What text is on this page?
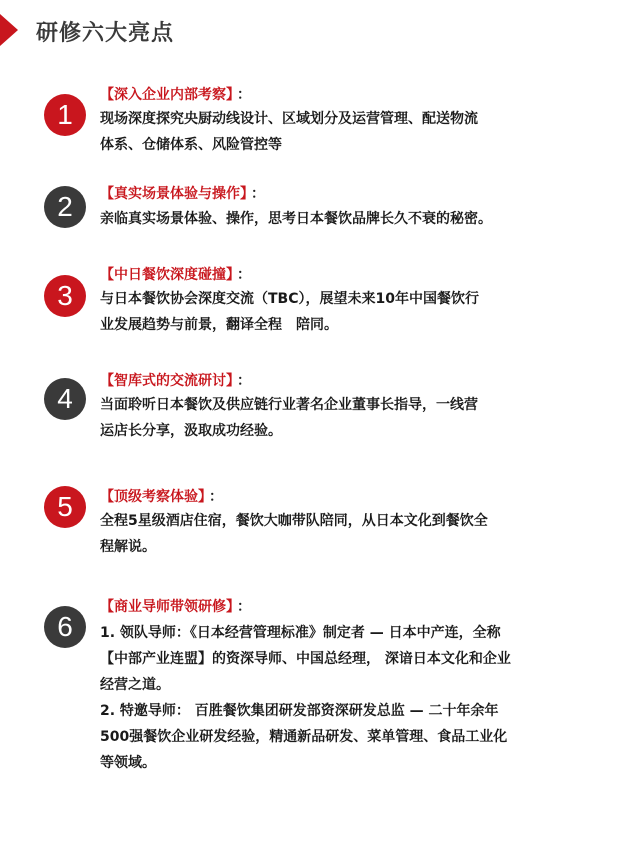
研修六大亮点
1
【深入企业内部考察】 ：
现场深度探究央厨动线设计、区域划分及运营管理、配送物流
体系、仓储体系、风险管控等
2	【真实场景体验与操作】 ：
亲临真实场景体验、操作，思考日本餐饮品牌长久不衰的秘密。
3
【中日餐饮深度碰撞】 ：
与日本餐饮协会深度交流（TBC），展望未来10年中国餐饮行
业发展趋势与前景，翻译全程　陪同。
4
【智库式的交流研讨】 ：
当面聆听日本餐饮及供应链行业著名企业董事长指导，一线营
运店长分享，汲取成功经验。
5	【顶级考察体验】 ：
全程5星级酒店住宿，餐饮大咖带队陪同，从日本文化到餐饮全
程解说。
6
【商业导师带领研修】 ：
1. 领队导师：《日本经营管理标准》制定者 — 日本中产连，全称
【中部产业连盟】的资深导师、中国总经理， 深谙日本文化和企业
经营之道。
2. 特邀导师： 百胜餐饮集团研发部资深研发总监 — 二十年余年
500强餐饮企业研发经验，精通新品研发、菜单管理、食品工业化
等领域。
